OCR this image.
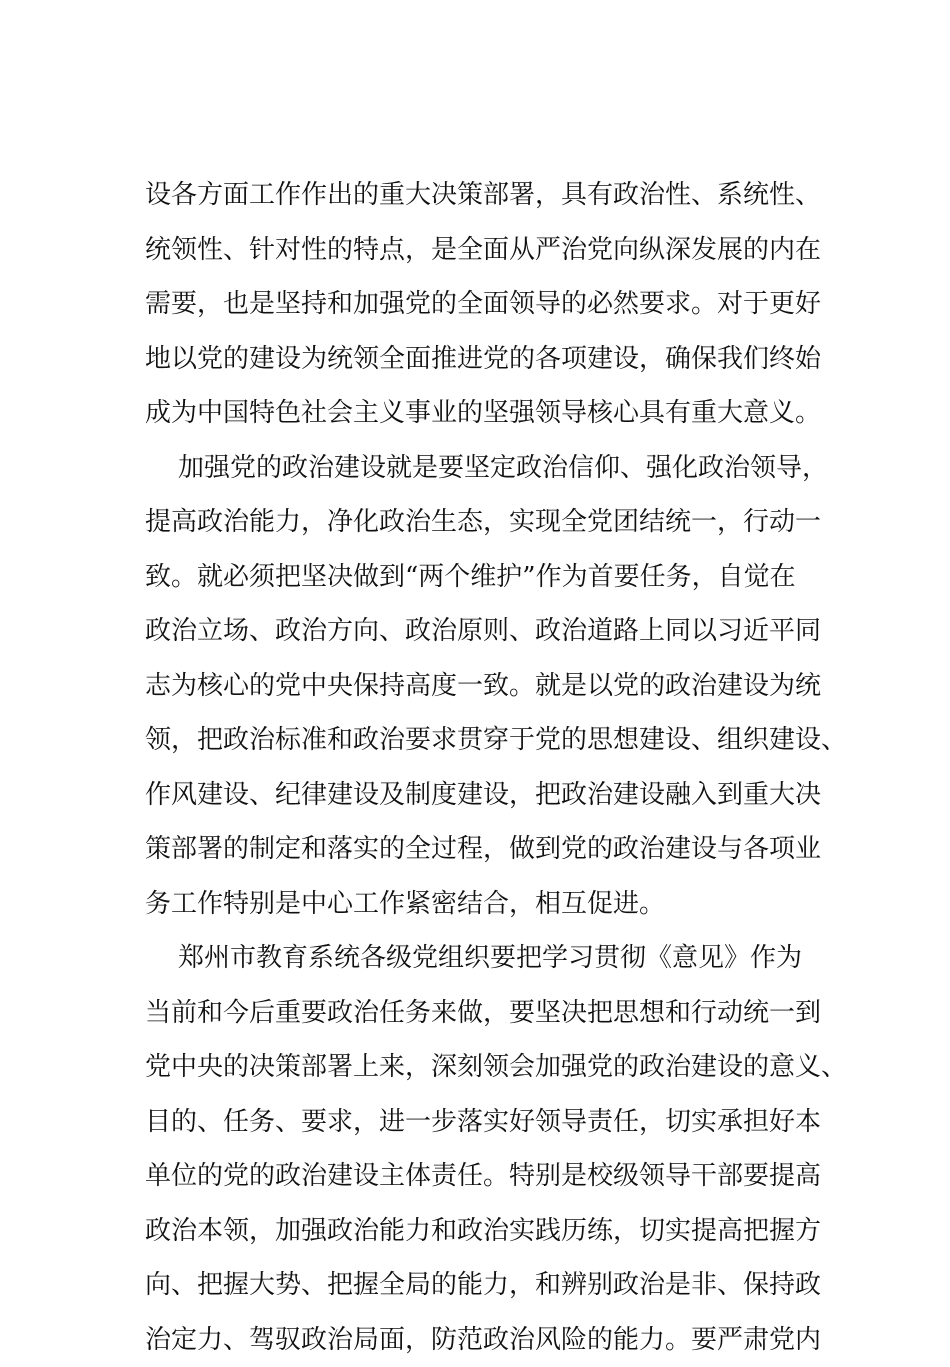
设各方面工作作出的重大决策部署，具有政治性、系统性、
统领性、针对性的特点，是全面从严治党向纵深发展的内在
需要，也是坚持和加强党的全面领导的必然要求。对于更好
地以党的建设为统领全面推进党的各项建设，确保我们终始
成为中国特色社会主义事业的坚强领导核心具有重大意义。
加强党的政治建设就是要坚定政治信仰、强化政治领导，
提高政治能力，净化政治生态，实现全党团结统一，行动一
致。就必须把坚决做到“两个维护”作为首要任务，自觉在
政治立场、政治方向、政治原则、政治道路上同以习近平同
志为核心的党中央保持高度一致。就是以党的政治建设为统
领，把政治标准和政治要求贯穿于党的思想建设、组织建设、
作风建设、纪律建设及制度建设，把政治建设融入到重大决
策部署的制定和落实的全过程，做到党的政治建设与各项业
务工作特别是中心工作紧密结合，相互促进。
郑州市教育系统各级党组织要把学习贯彻《意见》作为
当前和今后重要政治任务来做，要坚决把思想和行动统一到
党中央的决策部署上来，深刻领会加强党的政治建设的意义、
目的、任务、要求，进一步落实好领导责任，切实承担好本
单位的党的政治建设主体责任。特别是校级领导干部要提高
政治本领，加强政治能力和政治实践历练，切实提高把握方
向、把握大势、把握全局的能力，和辨别政治是非、保持政
治定力、驾驭政治局面，防范政治风险的能力。要严肃党内
